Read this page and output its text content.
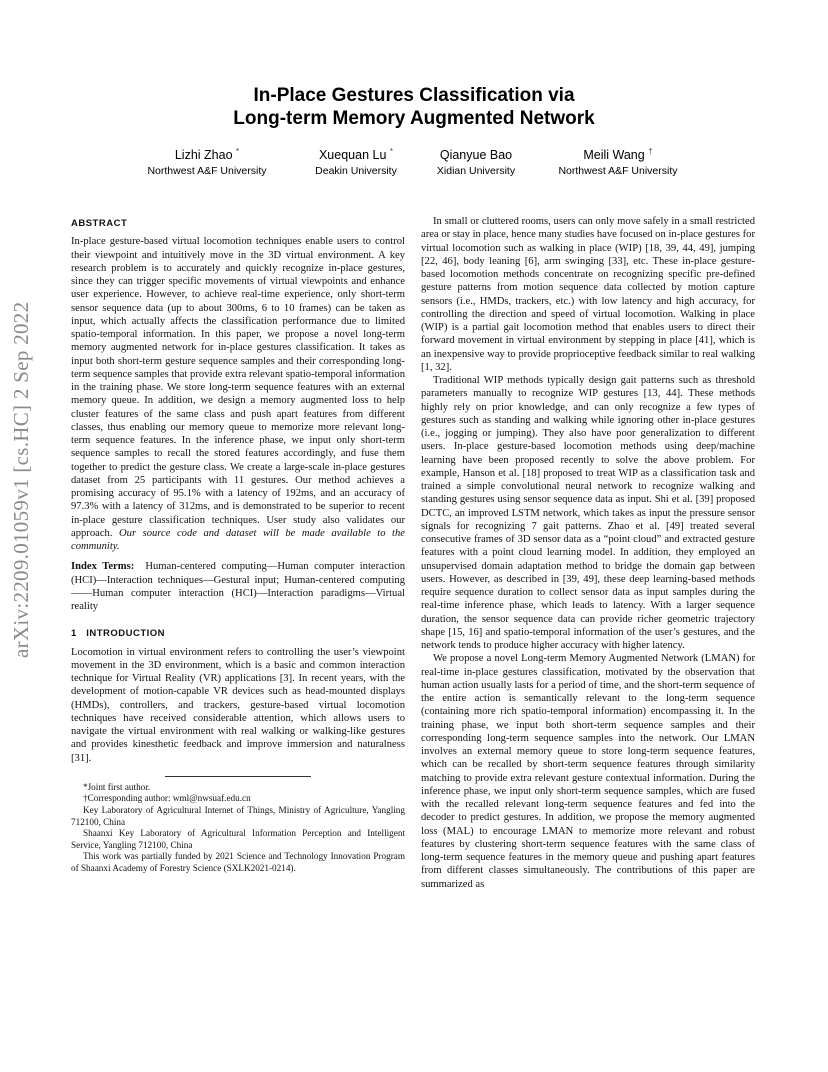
arXiv:2209.01059v1 [cs.HC] 2 Sep 2022
In-Place Gestures Classification via
Long-term Memory Augmented Network
Lizhi Zhao *
Northwest A&F University
Xuequan Lu *
Deakin University
Qianyue Bao
Xidian University
Meili Wang †
Northwest A&F University
ABSTRACT

In-place gesture-based virtual locomotion techniques enable users to control their viewpoint and intuitively move in the 3D virtual environment. A key research problem is to accurately and quickly recognize in-place gestures, since they can trigger specific movements of virtual viewpoints and enhance user experience. However, to achieve real-time experience, only short-term sensor sequence data (up to about 300ms, 6 to 10 frames) can be taken as input, which actually affects the classification performance due to limited spatio-temporal information. In this paper, we propose a novel long-term memory augmented network for in-place gestures classification. It takes as input both short-term gesture sequence samples and their corresponding long-term sequence samples that provide extra relevant spatio-temporal information in the training phase. We store long-term sequence features with an external memory queue. In addition, we design a memory augmented loss to help cluster features of the same class and push apart features from different classes, thus enabling our memory queue to memorize more relevant long-term sequence features. In the inference phase, we input only short-term sequence samples to recall the stored features accordingly, and fuse them together to predict the gesture class. We create a large-scale in-place gestures dataset from 25 participants with 11 gestures. Our method achieves a promising accuracy of 95.1% with a latency of 192ms, and an accuracy of 97.3% with a latency of 312ms, and is demonstrated to be superior to recent in-place gesture classification techniques. User study also validates our approach. Our source code and dataset will be made available to the community.

Index Terms: Human-centered computing—Human computer interaction (HCI)—Interaction techniques—Gestural input; Human-centered computing——Human computer interaction (HCI)—Interaction paradigms—Virtual reality

1 INTRODUCTION

Locomotion in virtual environment refers to controlling the user’s viewpoint movement in the 3D environment, which is a basic and common interaction technique for Virtual Reality (VR) applications [3]. In recent years, with the development of motion-capable VR devices such as head-mounted displays (HMDs), controllers, and trackers, gesture-based virtual locomotion techniques have received considerable attention, which allows users to navigate the virtual environment with real walking or walking-like gestures and provides kinesthetic feedback and improve immersion and naturalness [31].

*Joint first author.

†Corresponding author: wml@nwsuaf.edu.cn

Key Laboratory of Agricultural Internet of Things, Ministry of Agriculture, Yangling 712100, China

Shaanxi Key Laboratory of Agricultural Information Perception and Intelligent Service, Yangling 712100, China

This work was partially funded by 2021 Science and Technology Innovation Program of Shaanxi Academy of Forestry Science (SXLK2021-0214).

In small or cluttered rooms, users can only move safely in a small restricted area or stay in place, hence many studies have focused on in-place gestures for virtual locomotion such as walking in place (WIP) [18, 39, 44, 49], jumping [22, 46], body leaning [6], arm swinging [33], etc. These in-place gesture-based locomotion methods concentrate on recognizing specific pre-defined gesture patterns from motion sequence data collected by motion capture sensors (i.e., HMDs, trackers, etc.) with low latency and high accuracy, for controlling the direction and speed of virtual locomotion. Walking in place (WIP) is a partial gait locomotion method that enables users to direct their forward movement in virtual environment by stepping in place [41], which is an inexpensive way to provide proprioceptive feedback similar to real walking [1, 32].

Traditional WIP methods typically design gait patterns such as threshold parameters manually to recognize WIP gestures [13, 44]. These methods highly rely on prior knowledge, and can only recognize a few types of gestures such as standing and walking while ignoring other in-place gestures (i.e., jogging or jumping). They also have poor generalization to different users. In-place gesture-based locomotion methods using deep/machine learning have been proposed recently to solve the above problem. For example, Hanson et al. [18] proposed to treat WIP as a classification task and trained a simple convolutional neural network to recognize walking and standing gestures using sensor sequence data as input. Shi et al. [39] proposed DCTC, an improved LSTM network, which takes as input the pressure sensor signals for recognizing 7 gait patterns. Zhao et al. [49] treated several consecutive frames of 3D sensor data as a “point cloud” and extracted gesture features with a point cloud learning model. In addition, they employed an unsupervised domain adaptation method to bridge the domain gap between users. However, as described in [39, 49], these deep learning-based methods require sequence duration to collect sensor data as input samples during the real-time inference phase, which leads to latency. With a larger sequence duration, the sensor sequence data can provide richer geometric trajectory shape [15, 16] and spatio-temporal information of the user’s gestures, and the network tends to produce higher accuracy with higher latency.

We propose a novel Long-term Memory Augmented Network (LMAN) for real-time in-place gestures classification, motivated by the observation that human action usually lasts for a period of time, and the short-term sequence of the entire action is semantically relevant to the long-term sequence (containing more rich spatio-temporal information) encompassing it. In the training phase, we input both short-term sequence samples and their corresponding long-term sequence samples into the network. Our LMAN involves an external memory queue to store long-term sequence features, which can be recalled by short-term sequence features through similarity matching to provide extra relevant gesture contextual information. During the inference phase, we input only short-term sequence samples, which are fused with the recalled relevant long-term sequence features and fed into the decoder to predict gestures. In addition, we propose the memory augmented loss (MAL) to encourage LMAN to memorize more relevant and robust features by clustering short-term sequence features with the same class of long-term sequence features in the memory queue and pushing apart features from different classes simultaneously. The contributions of this paper are summarized as
